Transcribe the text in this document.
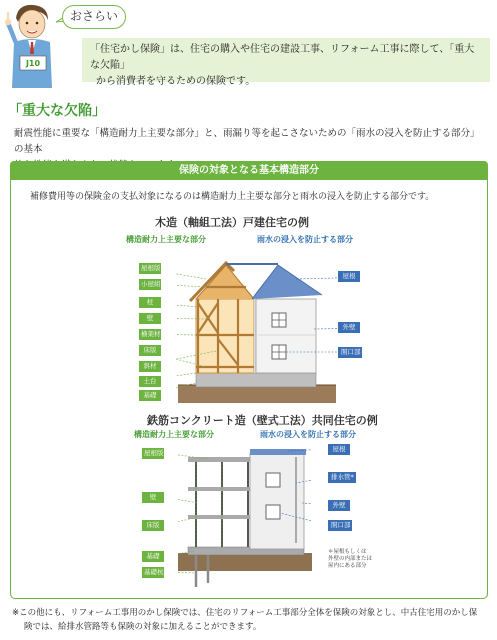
J10
おさらい
「住宅かし保険」は、住宅の購入や住宅の建設工事、リフォーム工事に際して、「重大な欠陥」
から消費者を守るための保険です。
「重大な欠陥」
耐震性能に重要な「構造耐力上主要な部分」と、雨漏り等を起こさないための「雨水の浸入を防止する部分」の基本
保険の対象となる基本構造部分
補修費用等の保険金の支払対象になるのは構造耐力上主要な部分と雨水の浸入を防止する部分です。
木造（軸組工法）戸建住宅の例
構造耐力上主要な部分	雨水の浸入を防止する部分
屋根版
小屋組
柱
壁
横架材
床版
斜材
土台
基礎
屋根
外壁
開口部
鉄筋コンクリート造（壁式工法）共同住宅の例
構造耐力上主要な部分	雨水の浸入を防止する部分
屋根版
壁
床版
基礎
基礎杭
屋根
排水管*
外壁
開口部
＊屋根もしくは
外壁の内部または
屋内にある部分
※この他にも、リフォーム工事用のかし保険では、住宅のリフォーム工事部分全体を保険の対象とし、中古住宅用のかし保
険では、給排水管路等も保険の対象に加えることができます。
